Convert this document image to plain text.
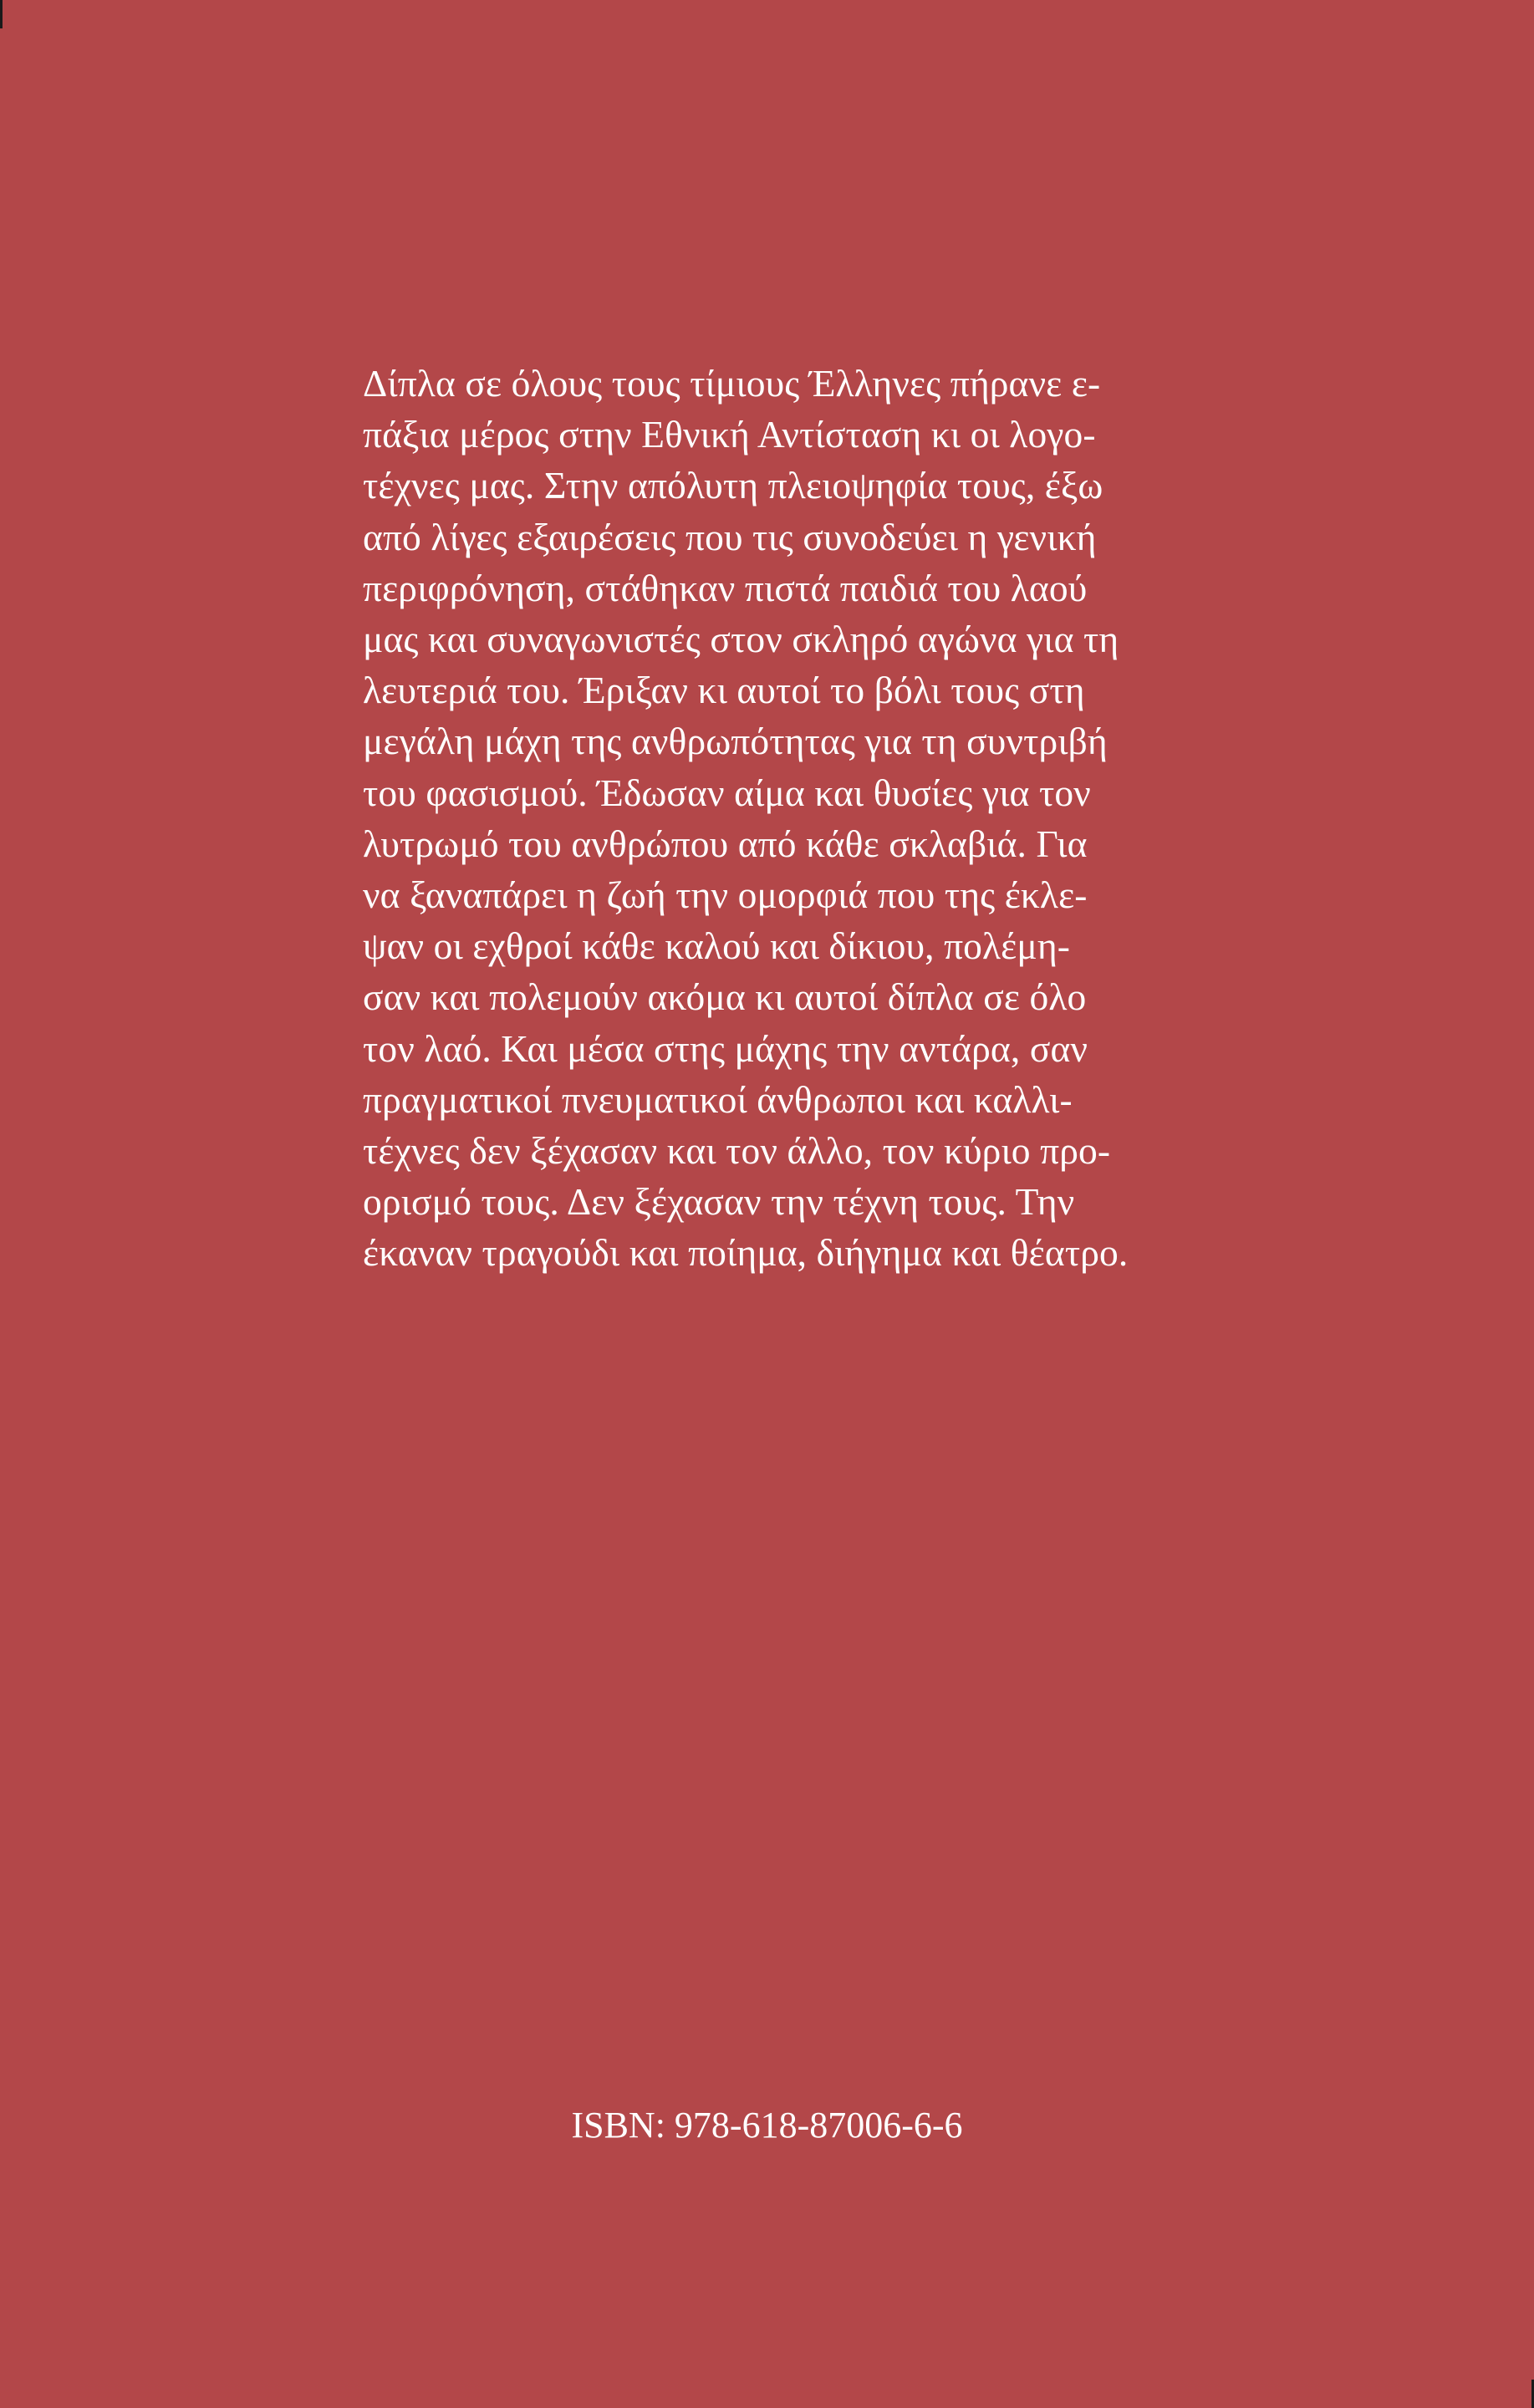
Δίπλα σε όλους τους τίμιους Έλληνες πήρανε ε-
πάξια μέρος στην Εθνική Αντίσταση κι οι λογο-
τέχνες μας. Στην απόλυτη πλειοψηφία τους, έξω
από λίγες εξαιρέσεις που τις συνοδεύει η γενική
περιφρόνηση, στάθηκαν πιστά παιδιά του λαού
μας και συναγωνιστές στον σκληρό αγώνα για τη
λευτεριά του. Έριξαν κι αυτοί το βόλι τους στη
μεγάλη μάχη της ανθρωπότητας για τη συντριβή
του φασισμού. Έδωσαν αίμα και θυσίες για τον
λυτρωμό του ανθρώπου από κάθε σκλαβιά. Για
να ξαναπάρει η ζωή την ομορφιά που της έκλε-
ψαν οι εχθροί κάθε καλού και δίκιου, πολέμη-
σαν και πολεμούν ακόμα κι αυτοί δίπλα σε όλο
τον λαό. Και μέσα στης μάχης την αντάρα, σαν
πραγματικοί πνευματικοί άνθρωποι και καλλι-
τέχνες δεν ξέχασαν και τον άλλο, τον κύριο προ-
ορισμό τους. Δεν ξέχασαν την τέχνη τους. Την
έκαναν τραγούδι και ποίημα, διήγημα και θέατρο.
ISBN: 978-618-87006-6-6
